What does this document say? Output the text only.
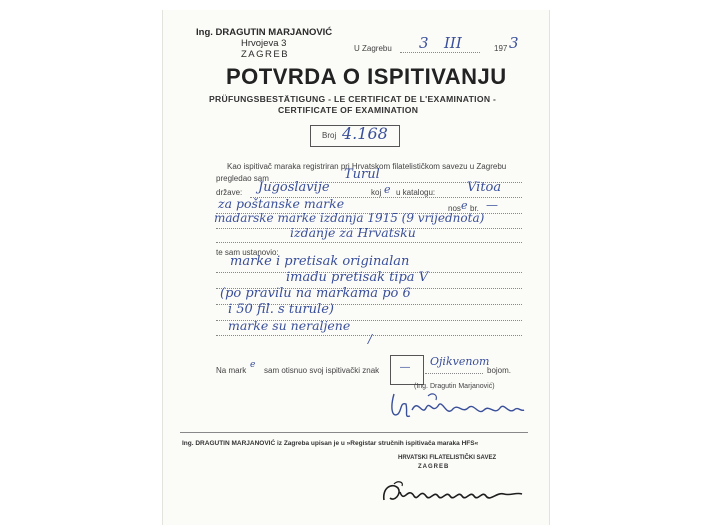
Ing. DRAGUTIN MARJANOVIĆ
Hrvojeva 3
ZAGREB
U Zagrebu 3 III	197 3
POTVRDA O ISPITIVANJU
PRÜFUNGSBESTÄTIGUNG - LE CERTIFICAT DE L'EXAMINATION -
CERTIFICATE OF EXAMINATION
Broj 4.168
Kao ispitivač maraka registriran pri Hrvatskom filatelističkom savezu u Zagrebu
pregledao sam	Turul
države: Jugoslavije	koj e u katalogu: Vitoa
za poštanske marke	nos e br. —
madarske marke izdanja 1915 (9 vrijednota)
izdanje za Hrvatsku
te sam ustanovio:
marke i pretisak originalan
imadu pretisak tipa V
(po pravilu na markama po 6
i 50 fil. s turule)
marke su neraljene
/
Na mark
e
sam otisnuo svoj ispitivački znak — Ojikvenom
bojom.
(Ing. Dragutin Marjanović)
Ing. DRAGUTIN MARJANOVIĆ iz Zagreba upisan je u »Registar stručnih ispitivača maraka HFS«
HRVATSKI FILATELISTIČKI SAVEZ
ZAGREB
